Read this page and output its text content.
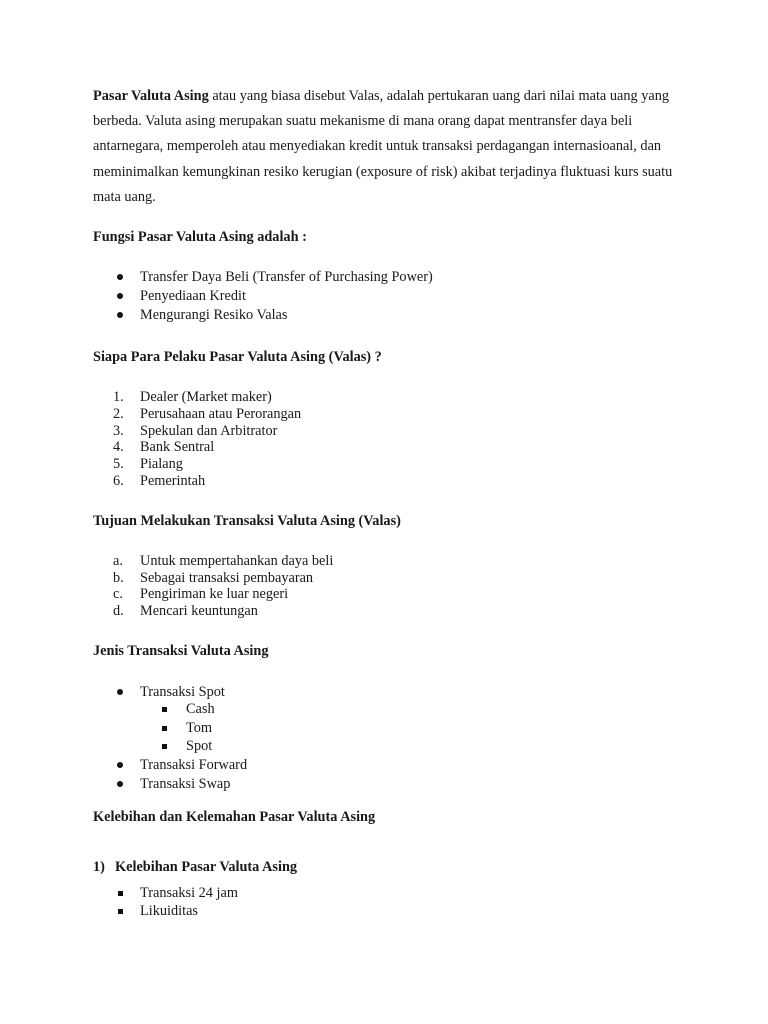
Pasar Valuta Asing atau yang biasa disebut Valas, adalah pertukaran uang dari nilai mata uang yang berbeda. Valuta asing merupakan suatu mekanisme di mana orang dapat mentransfer daya beli antarnegara, memperoleh atau menyediakan kredit untuk transaksi perdagangan internasioanal, dan meminimalkan kemungkinan resiko kerugian (exposure of risk) akibat terjadinya fluktuasi kurs suatu mata uang.

Fungsi Pasar Valuta Asing adalah :
Transfer Daya Beli (Transfer of Purchasing Power)
Penyediaan Kredit
Mengurangi Resiko Valas
Siapa Para Pelaku Pasar Valuta Asing (Valas) ?
1.	Dealer (Market maker)
2.	Perusahaan atau Perorangan
3.	Spekulan dan Arbitrator
4.	Bank Sentral
5.	Pialang
6.	Pemerintah
Tujuan Melakukan Transaksi Valuta Asing (Valas)
a.	Untuk mempertahankan daya beli
b.	Sebagai transaksi pembayaran
c.	Pengiriman ke luar negeri
d.	Mencari keuntungan
Jenis Transaksi Valuta Asing
Transaksi Spot
Cash
Tom
Spot
Transaksi Forward
Transaksi Swap
Kelebihan dan Kelemahan Pasar Valuta Asing
1) Kelebihan Pasar Valuta Asing
Transaksi 24 jam
Likuiditas
